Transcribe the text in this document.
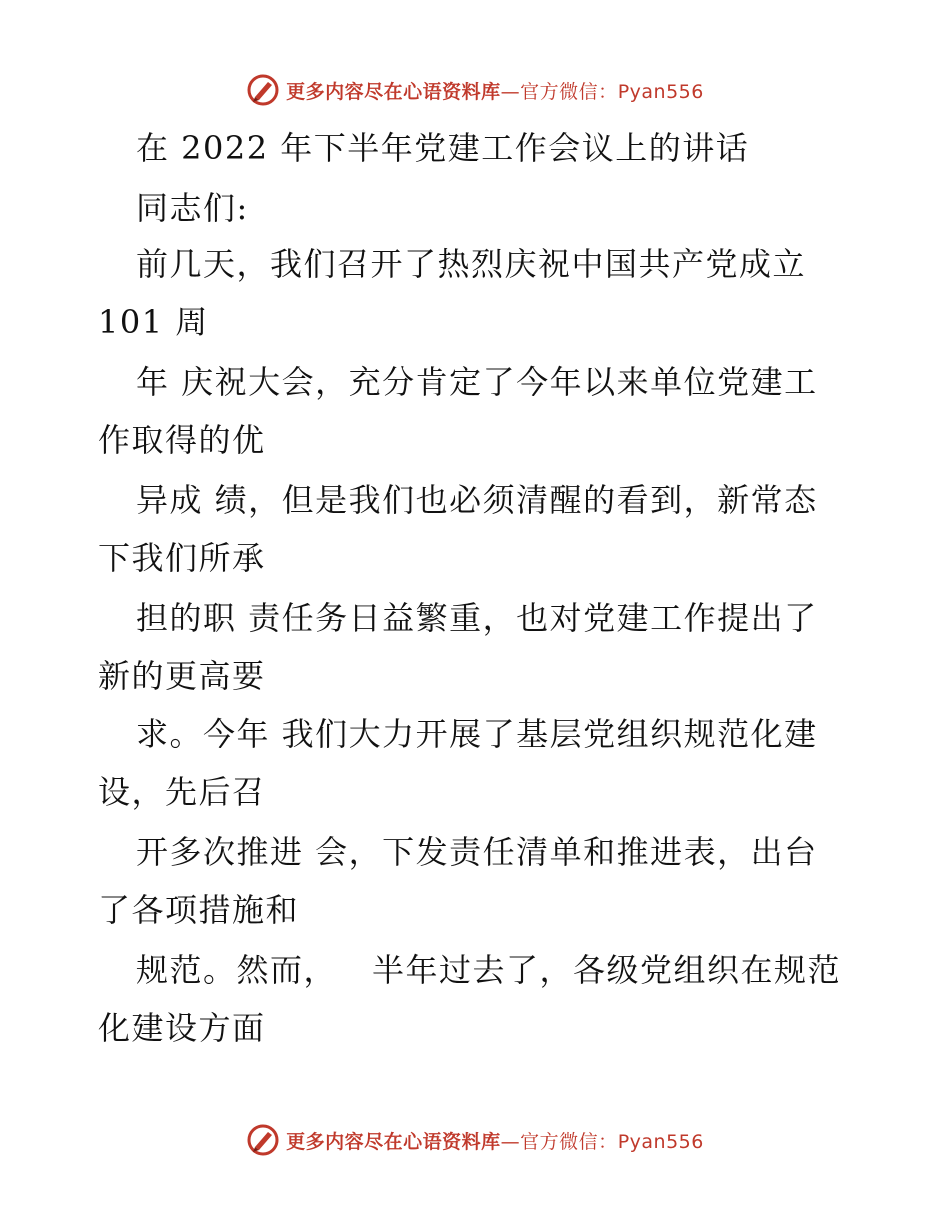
更多内容尽在心语资料库—官方微信：Pyan556
在 2022 年下半年党建工作会议上的讲话
同志们:
前几天，我们召开了热烈庆祝中国共产党成立
101 周
年 庆祝大会，充分肯定了今年以来单位党建工
作取得的优
异成 绩，但是我们也必须清醒的看到，新常态
下我们所承
担的职 责任务日益繁重，也对党建工作提出了
新的更高要
求。今年 我们大力开展了基层党组织规范化建
设，先后召
开多次推进 会，下发责任清单和推进表，出台
了各项措施和
规范。然而，   半年过去了，各级党组织在规范
化建设方面
更多内容尽在心语资料库—官方微信：Pyan556
